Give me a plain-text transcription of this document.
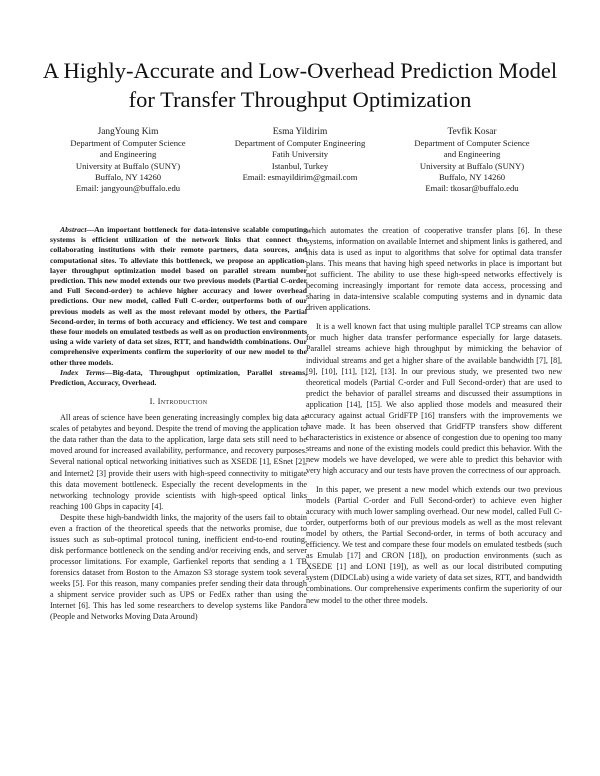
A Highly-Accurate and Low-Overhead Prediction Model for Transfer Throughput Optimization
JangYoung Kim
Department of Computer Science
and Engineering
University at Buffalo (SUNY)
Buffalo, NY 14260
Email: jangyoun@buffalo.edu
Esma Yildirim
Department of Computer Engineering
Fatih University
Istanbul, Turkey
Email: esmayildirim@gmail.com
Tevfik Kosar
Department of Computer Science
and Engineering
University at Buffalo (SUNY)
Buffalo, NY 14260
Email: tkosar@buffalo.edu

Abstract—An important bottleneck for data-intensive scalable computing systems is efficient utilization of the network links that connect the collaborating institutions with their remote partners, data sources, and computational sites. To alleviate this bottleneck, we propose an application-layer throughput optimization model based on parallel stream number prediction. This new model extends our two previous models (Partial C-order and Full Second-order) to achieve higher accuracy and lower overhead predictions. Our new model, called Full C-order, outperforms both of our previous models as well as the most relevant model by others, the Partial Second-order, in terms of both accuracy and efficiency. We test and compare these four models on emulated testbeds as well as on production environments using a wide variety of data set sizes, RTT, and handwidth combinations. Our comprehensive experiments confirm the superiority of our new model to the other three models.

Index Terms—Big-data, Throughput optimization, Parallel streams, Prediction, Accuracy, Overhead.

I. Introduction

All areas of science have been generating increasingly complex big data at scales of petabytes and beyond. Despite the trend of moving the application to the data rather than the data to the application, large data sets still need to be moved around for increased availability, performance, and recovery purposes. Several national optical networking initiatives such as XSEDE [1], ESnet [2], and Internet2 [3] provide their users with high-speed connectivity to mitigate this data movement bottleneck. Especially the recent developments in the networking technology provide scientists with high-speed optical links reaching 100 Gbps in capacity [4].

Despite these high-bandwidth links, the majority of the users fail to obtain even a fraction of the theoretical speeds that the networks promise, due to issues such as sub-optimal protocol tuning, inefficient end-to-end routing, disk performance bottleneck on the sending and/or receiving ends, and server processor limitations. For example, Garfienkel reports that sending a 1 TB forensics dataset from Boston to the Amazon S3 storage system took several weeks [5]. For this reason, many companies prefer sending their data through a shipment service provider such as UPS or FedEx rather than using the Internet [6]. This has led some researchers to develop systems like Pandora (People and Networks Moving Data Around)

which automates the creation of cooperative transfer plans [6]. In these systems, information on available Internet and shipment links is gathered, and this data is used as input to algorithms that solve for optimal data transfer plans. This means that having high speed networks in place is important but not sufficient. The ability to use these high-speed networks effectively is becoming increasingly important for remote data access, processing and sharing in data-intensive scalable computing systems and in dynamic data driven applications.

It is a well known fact that using multiple parallel TCP streams can allow for much higher data transfer performance especially for large datasets. Parallel streams achieve high throughput by mimicking the behavior of individual streams and get a higher share of the available bandwidth [7], [8], [9], [10], [11], [12], [13]. In our previous study, we presented two new theoretical models (Partial C-order and Full Second-order) that are used to predict the behavior of parallel streams and discussed their assumptions in application [14], [15]. We also applied those models and measured their accuracy against actual GridFTP [16] transfers with the improvements we have made. It has been observed that GridFTP transfers show different characteristics in existence or absence of congestion due to opening too many streams and none of the existing models could predict this behavior. With the new models we have developed, we were able to predict this behavior with very high accuracy and our tests have proven the correctness of our approach.

In this paper, we present a new model which extends our two previous models (Partial C-order and Full Second-order) to achieve even higher accuracy with much lower sampling overhead. Our new model, called Full C-order, outperforms both of our previous models as well as the most relevant model by others, the Partial Second-order, in terms of both accuracy and efficiency. We test and compare these four models on emulated testbeds (such as Emulab [17] and CRON [18]), on production environments (such as XSEDE [1] and LONI [19]), as well as our local distributed computing system (DIDCLab) using a wide variety of data set sizes, RTT, and bandwidth combinations. Our comprehensive experiments confirm the superiority of our new model to the other three models.
